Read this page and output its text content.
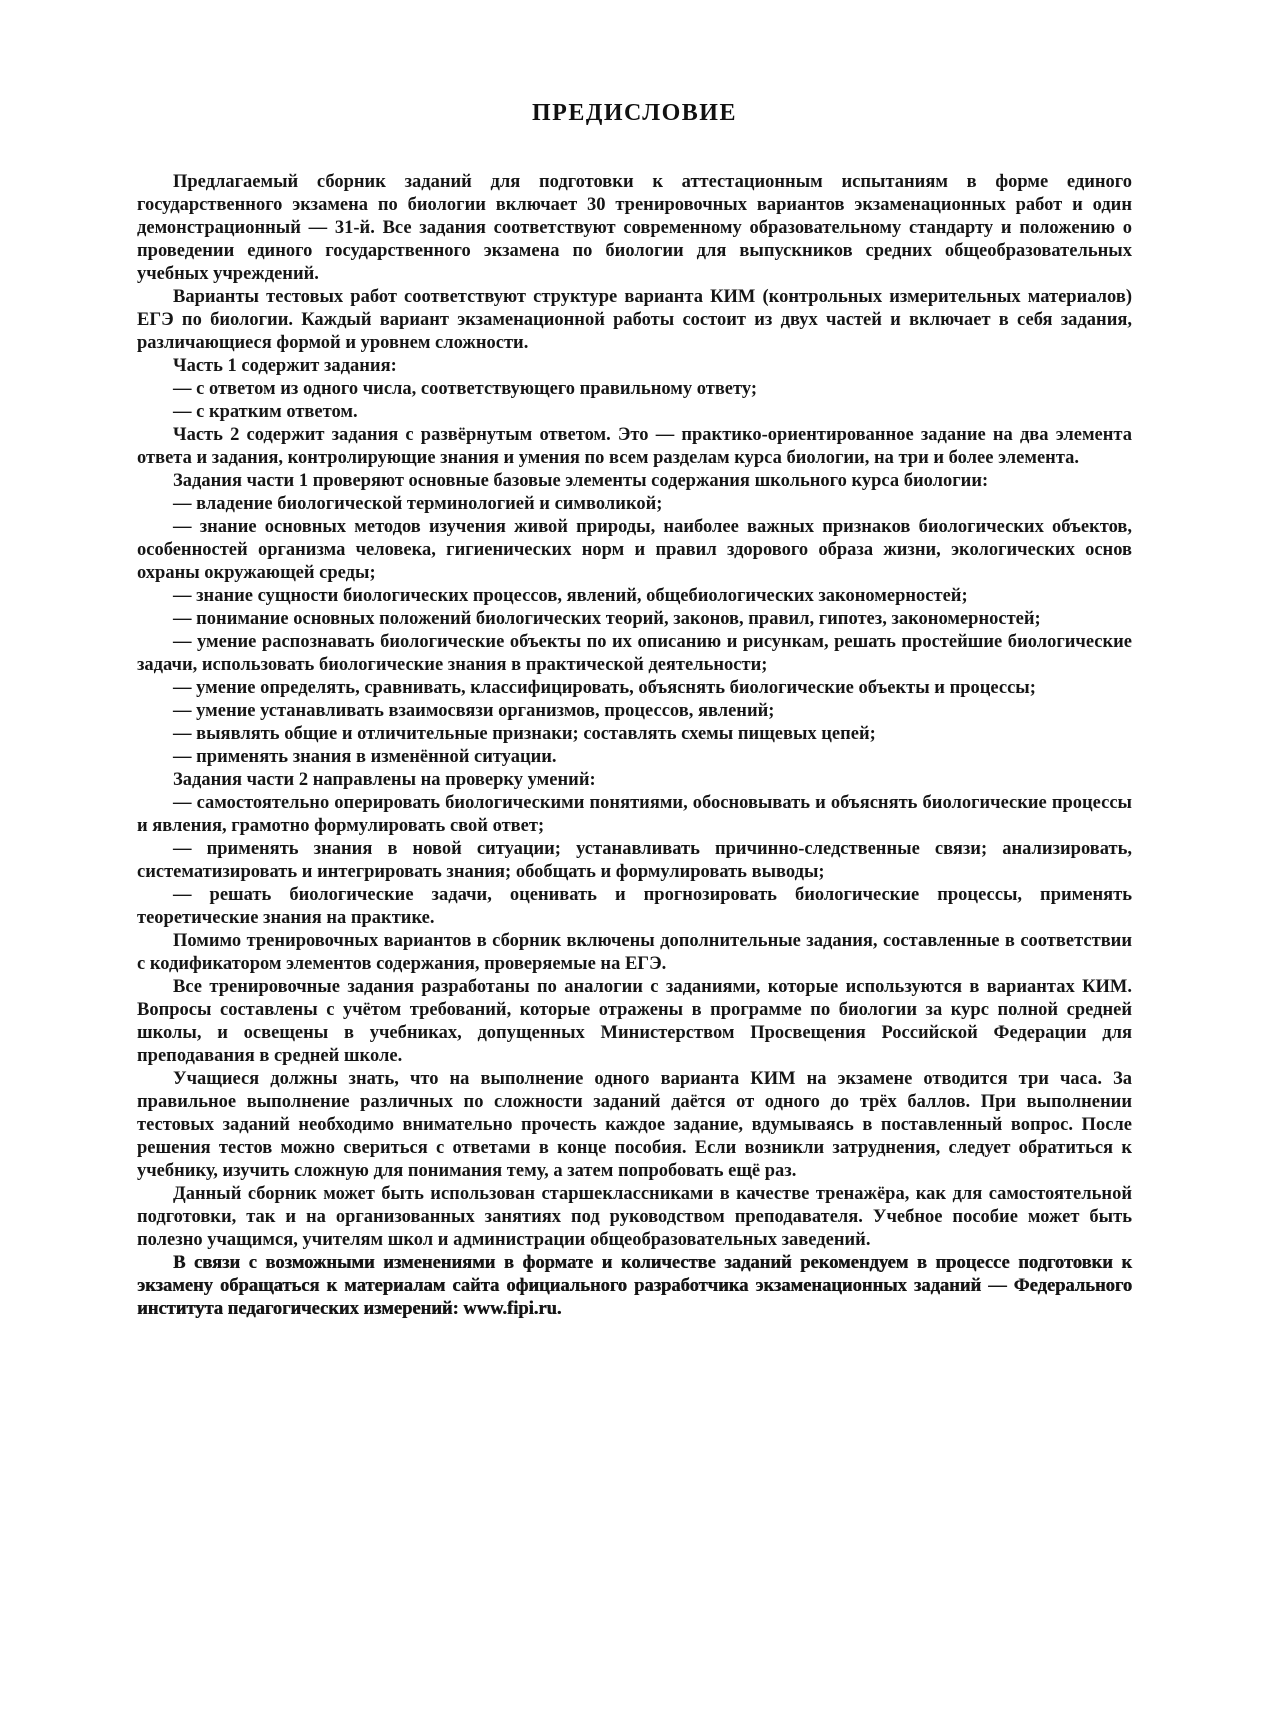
ПРЕДИСЛОВИЕ

Предлагаемый сборник заданий для подготовки к аттестационным испытаниям в форме единого государственного экзамена по биологии включает 30 тренировочных вариантов экзаменационных работ и один демонстрационный — 31-й. Все задания соответствуют современному образовательному стандарту и положению о проведении единого государственного экзамена по биологии для выпускников средних общеобразовательных учебных учреждений.

Варианты тестовых работ соответствуют структуре варианта КИМ (контрольных измерительных материалов) ЕГЭ по биологии. Каждый вариант экзаменационной работы состоит из двух частей и включает в себя задания, различающиеся формой и уровнем сложности.

Часть 1 содержит задания:

— с ответом из одного числа, соответствующего правильному ответу;

— с кратким ответом.

Часть 2 содержит задания с развёрнутым ответом. Это — практико-ориентированное задание на два элемента ответа и задания, контролирующие знания и умения по всем разделам курса биологии, на три и более элемента.

Задания части 1 проверяют основные базовые элементы содержания школьного курса биологии:

— владение биологической терминологией и символикой;

— знание основных методов изучения живой природы, наиболее важных признаков биологических объектов, особенностей организма человека, гигиенических норм и правил здорового образа жизни, экологических основ охраны окружающей среды;

— знание сущности биологических процессов, явлений, общебиологических закономерностей;

— понимание основных положений биологических теорий, законов, правил, гипотез, закономерностей;

— умение распознавать биологические объекты по их описанию и рисункам, решать простейшие биологические задачи, использовать биологические знания в практической деятельности;

— умение определять, сравнивать, классифицировать, объяснять биологические объекты и процессы;

— умение устанавливать взаимосвязи организмов, процессов, явлений;

— выявлять общие и отличительные признаки; составлять схемы пищевых цепей;

— применять знания в изменённой ситуации.

Задания части 2 направлены на проверку умений:

— самостоятельно оперировать биологическими понятиями, обосновывать и объяснять биологические процессы и явления, грамотно формулировать свой ответ;

— применять знания в новой ситуации; устанавливать причинно-следственные связи; анализировать, систематизировать и интегрировать знания; обобщать и формулировать выводы;

— решать биологические задачи, оценивать и прогнозировать биологические процессы, применять теоретические знания на практике.

Помимо тренировочных вариантов в сборник включены дополнительные задания, составленные в соответствии с кодификатором элементов содержания, проверяемые на ЕГЭ.

Все тренировочные задания разработаны по аналогии с заданиями, которые используются в вариантах КИМ. Вопросы составлены с учётом требований, которые отражены в программе по биологии за курс полной средней школы, и освещены в учебниках, допущенных Министерством Просвещения Российской Федерации для преподавания в средней школе.

Учащиеся должны знать, что на выполнение одного варианта КИМ на экзамене отводится три часа. За правильное выполнение различных по сложности заданий даётся от одного до трёх баллов. При выполнении тестовых заданий необходимо внимательно прочесть каждое задание, вдумываясь в поставленный вопрос. После решения тестов можно свериться с ответами в конце пособия. Если возникли затруднения, следует обратиться к учебнику, изучить сложную для понимания тему, а затем попробовать ещё раз.

Данный сборник может быть использован старшеклассниками в качестве тренажёра, как для самостоятельной подготовки, так и на организованных занятиях под руководством преподавателя. Учебное пособие может быть полезно учащимся, учителям школ и администрации общеобразовательных заведений.

В связи с возможными изменениями в формате и количестве заданий рекомендуем в процессе подготовки к экзамену обращаться к материалам сайта официального разработчика экзаменационных заданий — Федерального института педагогических измерений: www.fipi.ru.
